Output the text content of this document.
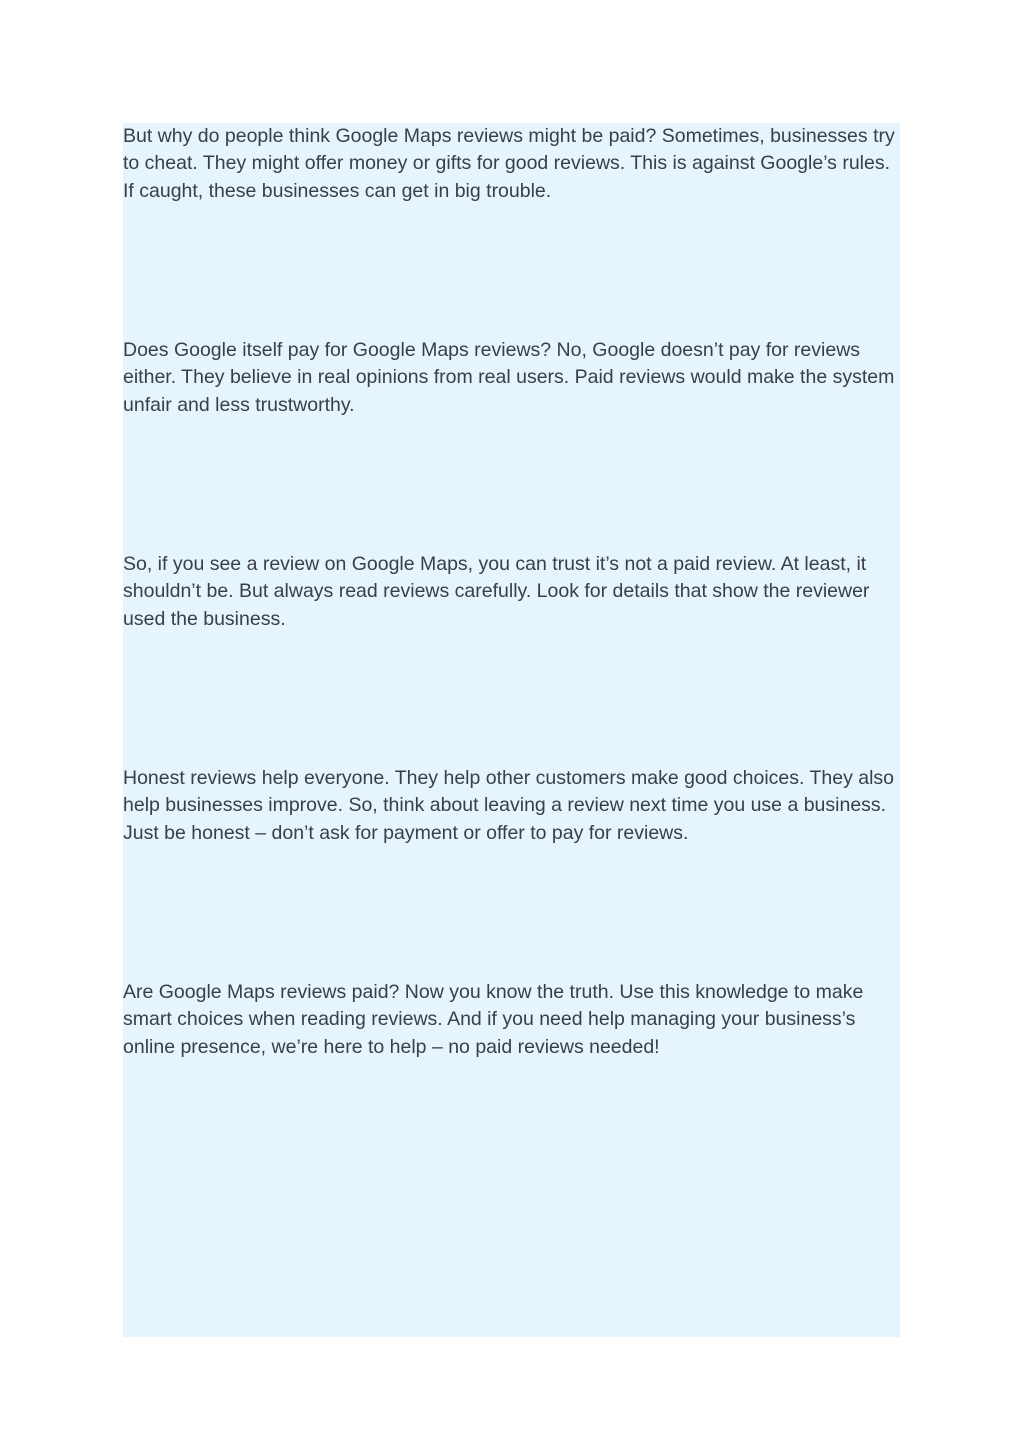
But why do people think Google Maps reviews might be paid? Sometimes, businesses try to cheat. They might offer money or gifts for good reviews. This is against Google’s rules. If caught, these businesses can get in big trouble.

Does Google itself pay for Google Maps reviews? No, Google doesn’t pay for reviews either. They believe in real opinions from real users. Paid reviews would make the system unfair and less trustworthy.

So, if you see a review on Google Maps, you can trust it’s not a paid review. At least, it shouldn’t be. But always read reviews carefully. Look for details that show the reviewer used the business.

Honest reviews help everyone. They help other customers make good choices. They also help businesses improve. So, think about leaving a review next time you use a business. Just be honest – don’t ask for payment or offer to pay for reviews.

Are Google Maps reviews paid? Now you know the truth. Use this knowledge to make smart choices when reading reviews. And if you need help managing your business’s online presence, we’re here to help – no paid reviews needed!
